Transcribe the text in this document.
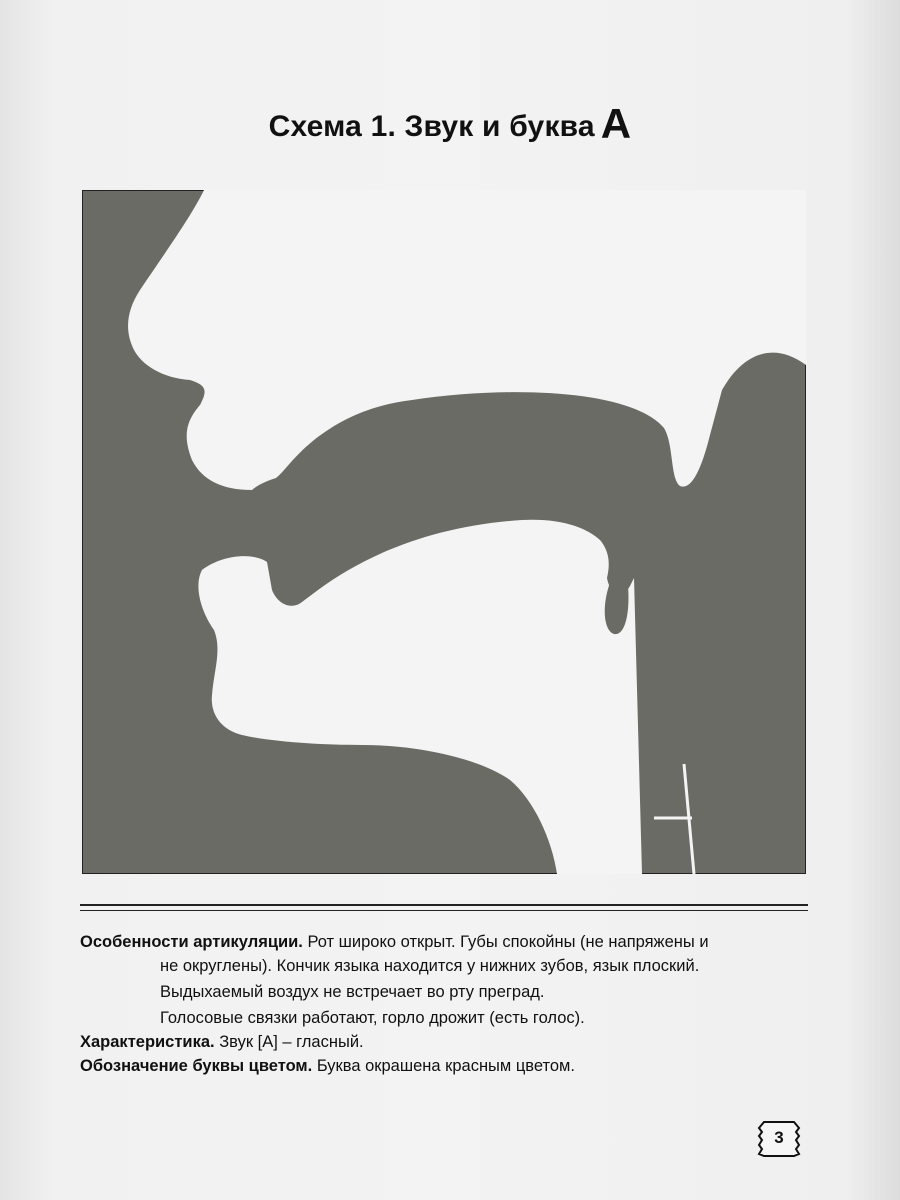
Схема 1. Звук и буква А

Особенности артикуляции. Рот широко открыт. Губы спокойны (не напряжены и

не округлены). Кончик языка находится у нижних зубов, язык плоский.

Выдыхаемый воздух не встречает во рту преград.

Голосовые связки работают, горло дрожит (есть голос).

Характеристика. Звук [А] – гласный.

Обозначение буквы цветом. Буква окрашена красным цветом.

3
